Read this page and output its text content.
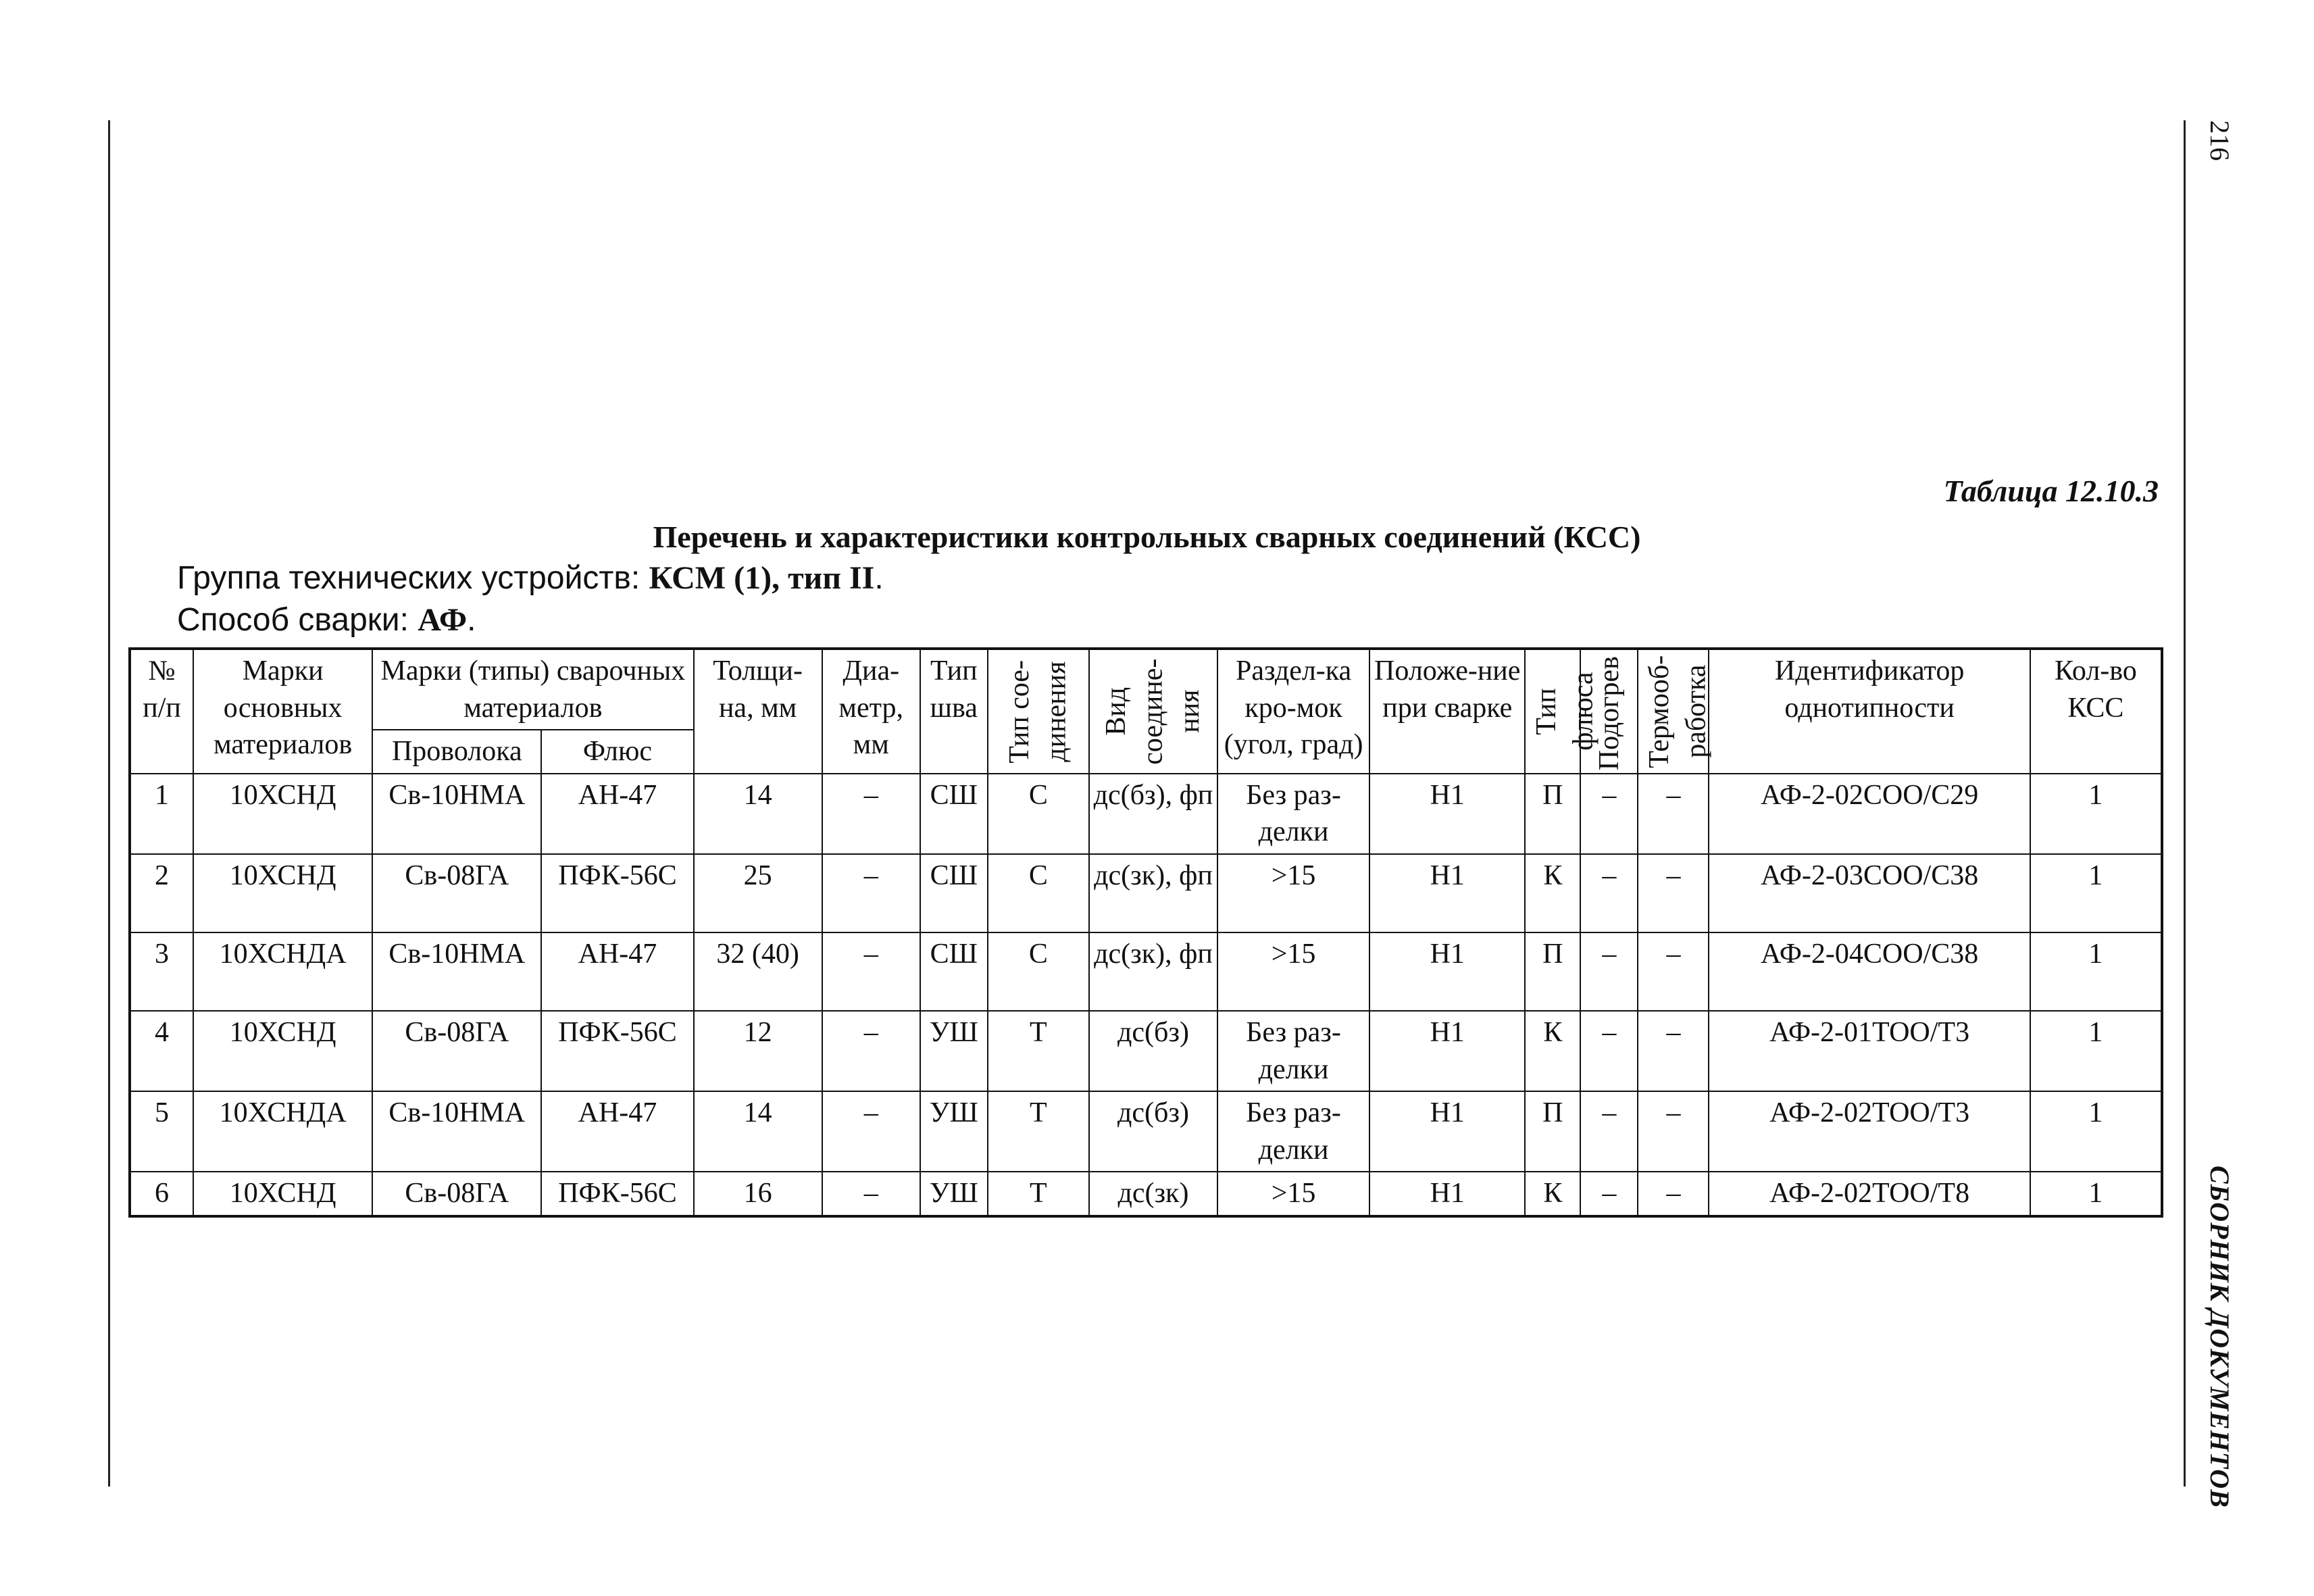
216
СБОРНИК ДОКУМЕНТОВ
Таблица 12.10.3
Перечень и характеристики контрольных сварных соединений (КСС)
Группа технических устройств: КСМ (1), тип II.
Способ сварки: АФ.
№ п/п	Марки основных материалов	Марки (типы) сварочных материалов		Толщи-на, мм	Диа-метр, мм	Тип шва	Тип сое-динения	Вид соедине-ния	Раздел-ка кро-мок (угол, град)	Положе-ние при сварке	Тип флюса	Подогрев	Термооб-работка	Идентификатор однотипности	Кол-во КСС
		Проволока	Флюс												
1	10ХСНД	Св-10НМА	АН-47	14	–	СШ	С	дс(бз), фп	Без раз-делки	Н1	П	–	–	АФ-2-02СОО/С29	1
2	10ХСНД	Св-08ГА	ПФК-56С	25	–	СШ	С	дс(зк), фп	>15	Н1	К	–	–	АФ-2-03СОО/С38	1
3	10ХСНДА	Св-10НМА	АН-47	32 (40)	–	СШ	С	дс(зк), фп	>15	Н1	П	–	–	АФ-2-04СОО/С38	1
4	10ХСНД	Св-08ГА	ПФК-56С	12	–	УШ	Т	дс(бз)	Без раз-делки	Н1	К	–	–	АФ-2-01ТОО/Т3	1
5	10ХСНДА	Св-10НМА	АН-47	14	–	УШ	Т	дс(бз)	Без раз-делки	Н1	П	–	–	АФ-2-02ТОО/Т3	1
6	10ХСНД	Св-08ГА	ПФК-56С	16	–	УШ	Т	дс(зк)	>15	Н1	К	–	–	АФ-2-02ТОО/Т8	1
